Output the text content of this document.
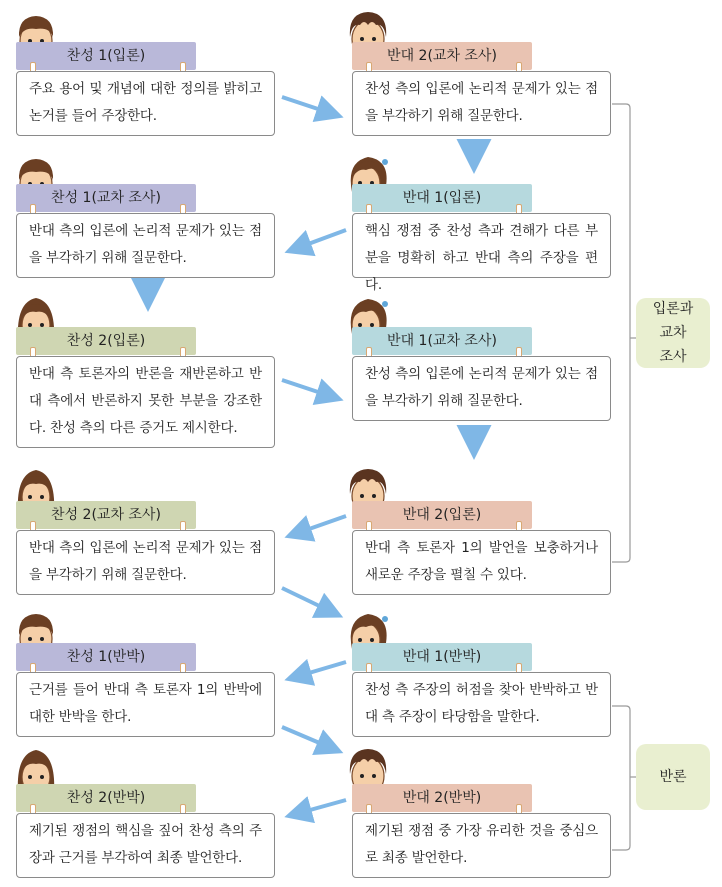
찬성 1(입론)
주요 용어 및 개념에 대한 정의를 밝히고 논거를 들어 주장한다.
찬성 1(교차 조사)
반대 측의 입론에 논리적 문제가 있는 점을 부각하기 위해 질문한다.
찬성 2(입론)
반대 측 토론자의 반론을 재반론하고 반대 측에서 반론하지 못한 부분을 강조한다. 찬성 측의 다른 증거도 제시한다.
찬성 2(교차 조사)
반대 측의 입론에 논리적 문제가 있는 점을 부각하기 위해 질문한다.
찬성 1(반박)
근거를 들어 반대 측 토론자 1의 반박에 대한 반박을 한다.
찬성 2(반박)
제기된 쟁점의 핵심을 짚어 찬성 측의 주장과 근거를 부각하여 최종 발언한다.
반대 2(교차 조사)
찬성 측의 입론에 논리적 문제가 있는 점을 부각하기 위해 질문한다.
반대 1(입론)
핵심 쟁점 중 찬성 측과 견해가 다른 부분을 명확히 하고 반대 측의 주장을 편다.
반대 1(교차 조사)
찬성 측의 입론에 논리적 문제가 있는 점을 부각하기 위해 질문한다.
반대 2(입론)
반대 측 토론자 1의 발언을 보충하거나 새로운 주장을 펼칠 수 있다.
반대 1(반박)
찬성 측 주장의 허점을 찾아 반박하고 반대 측 주장이 타당함을 말한다.
반대 2(반박)
제기된 쟁점 중 가장 유리한 것을 중심으로 최종 발언한다.
입론과 교차 조사
반론
